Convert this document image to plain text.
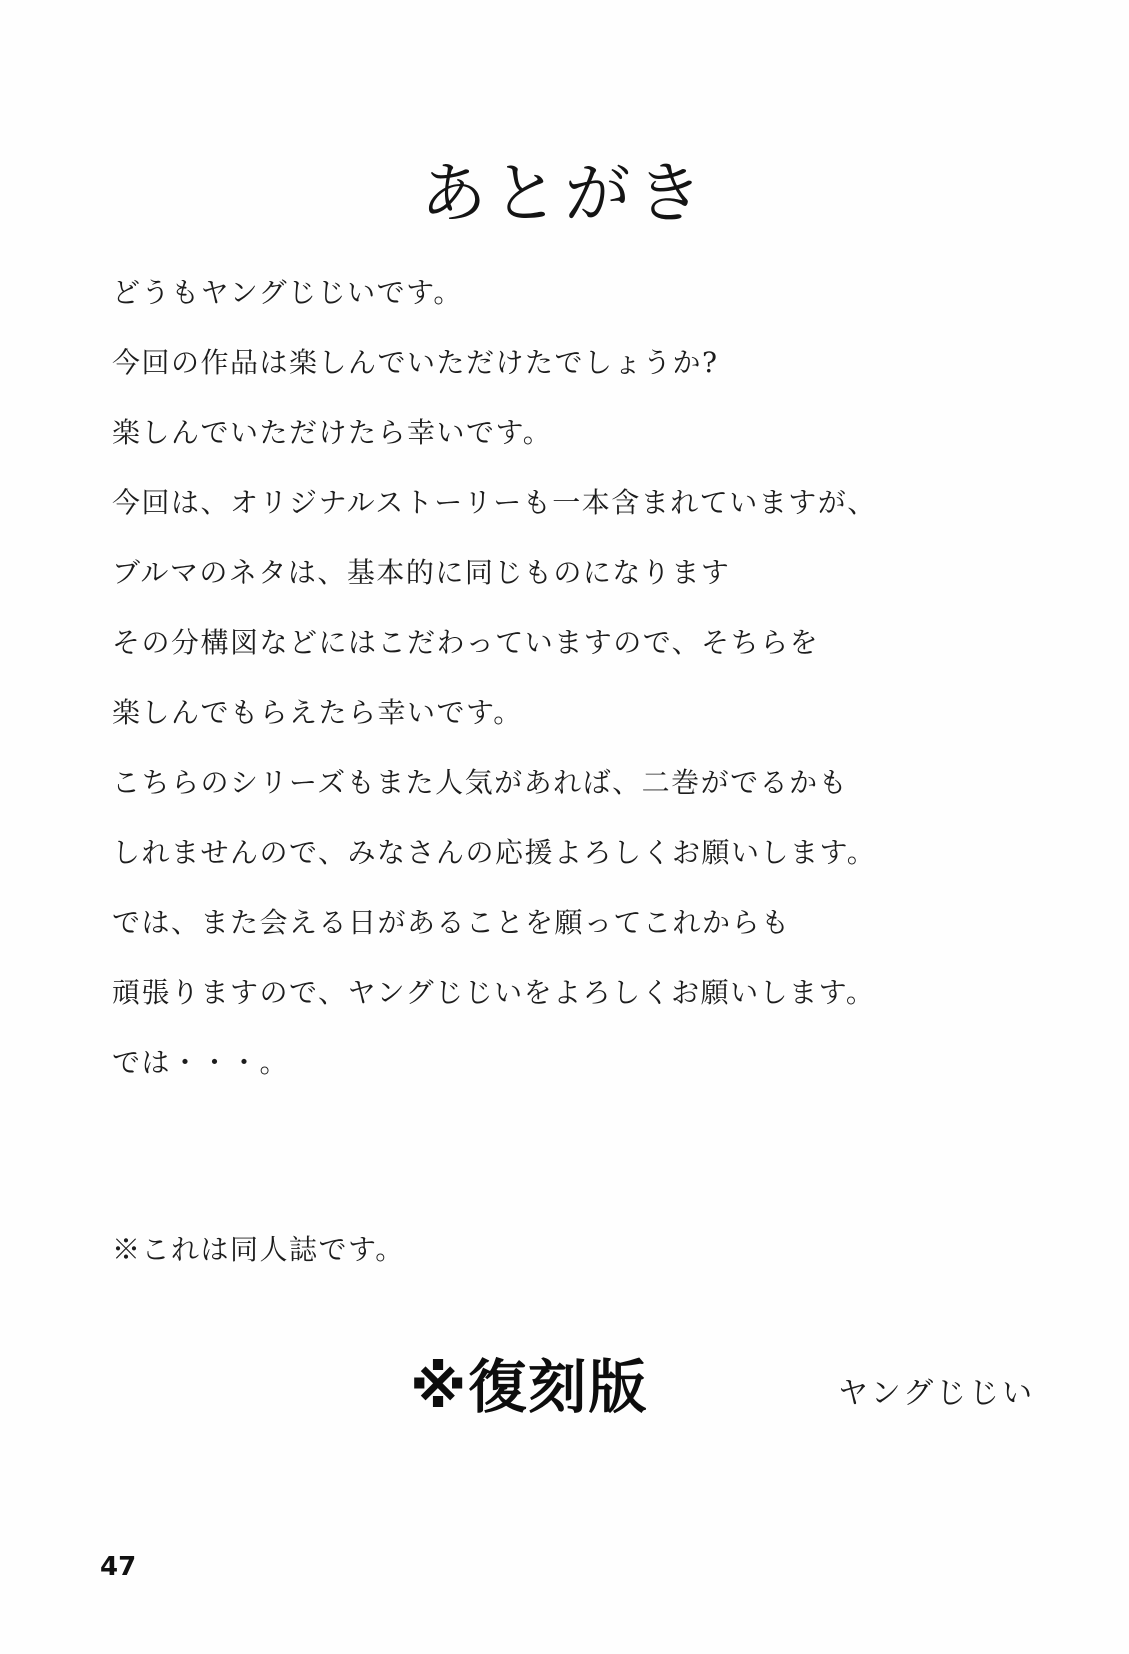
あとがき
どうもヤングじじいです。
今回の作品は楽しんでいただけたでしょうか?
楽しんでいただけたら幸いです。
今回は、オリジナルストーリーも一本含まれていますが、
ブルマのネタは、基本的に同じものになります
その分構図などにはこだわっていますので、そちらを
楽しんでもらえたら幸いです。
こちらのシリーズもまた人気があれば、二巻がでるかも
しれませんので、みなさんの応援よろしくお願いします。
では、また会える日があることを願ってこれからも
頑張りますので、ヤングじじいをよろしくお願いします。
では・・・。
※これは同人誌です。
※復刻版	ヤングじじい
47
